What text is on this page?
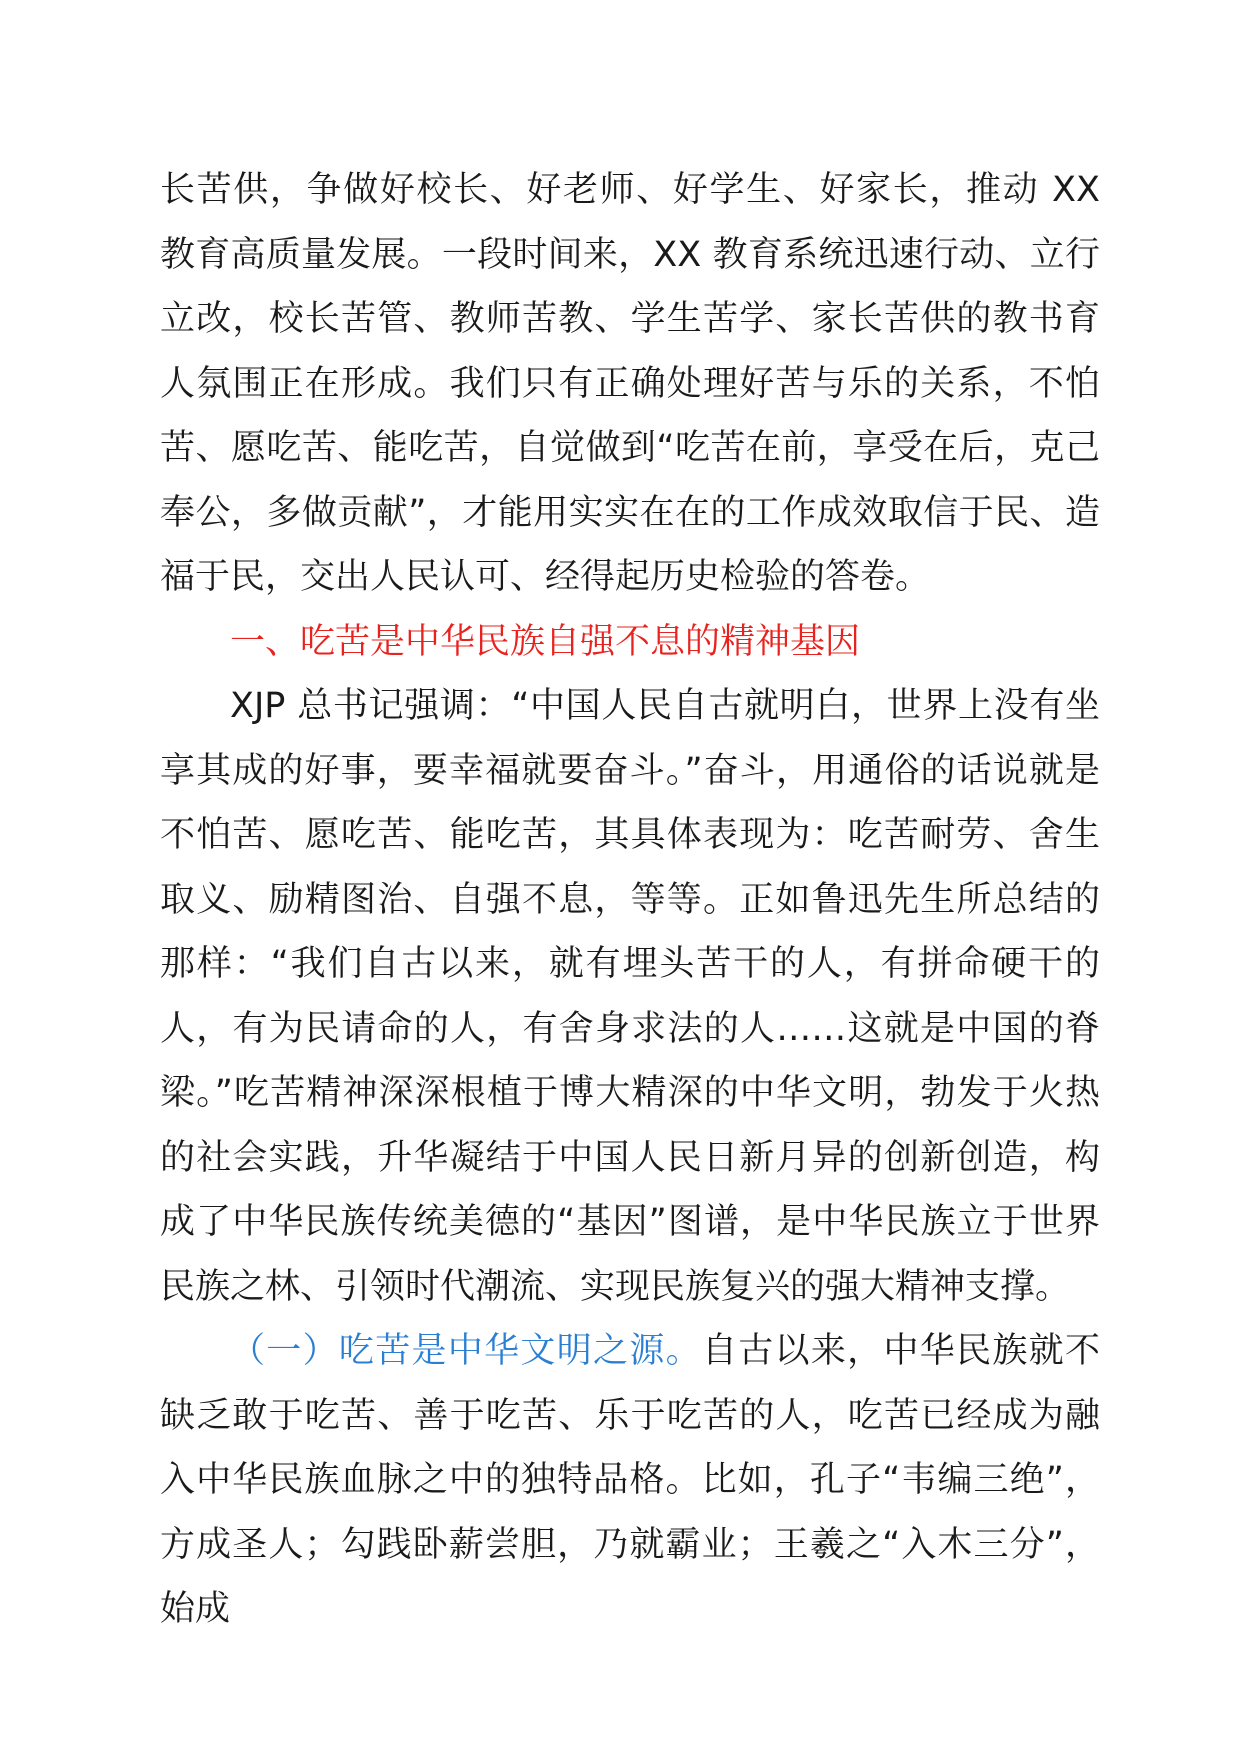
长苦供，争做好校长、好老师、好学生、好家长，推动 XX 教育高质量发展。一段时间来，XX 教育系统迅速行动、立行立改，校长苦管、教师苦教、学生苦学、家长苦供的教书育人氛围正在形成。我们只有正确处理好苦与乐的关系，不怕苦、愿吃苦、能吃苦，自觉做到“吃苦在前，享受在后，克己奉公，多做贡献”，才能用实实在在的工作成效取信于民、造福于民，交出人民认可、经得起历史检验的答卷。

一、吃苦是中华民族自强不息的精神基因

XJP 总书记强调：“中国人民自古就明白，世界上没有坐享其成的好事，要幸福就要奋斗。”奋斗，用通俗的话说就是不怕苦、愿吃苦、能吃苦，其具体表现为：吃苦耐劳、舍生取义、励精图治、自强不息，等等。正如鲁迅先生所总结的那样：“我们自古以来，就有埋头苦干的人，有拼命硬干的人，有为民请命的人，有舍身求法的人……这就是中国的脊梁。”吃苦精神深深根植于博大精深的中华文明，勃发于火热的社会实践，升华凝结于中国人民日新月异的创新创造，构成了中华民族传统美德的“基因”图谱，是中华民族立于世界民族之林、引领时代潮流、实现民族复兴的强大精神支撑。

（一）吃苦是中华文明之源。自古以来，中华民族就不缺乏敢于吃苦、善于吃苦、乐于吃苦的人，吃苦已经成为融入中华民族血脉之中的独特品格。比如，孔子“韦编三绝”，方成圣人；勾践卧薪尝胆，乃就霸业；王羲之“入木三分”，始成
